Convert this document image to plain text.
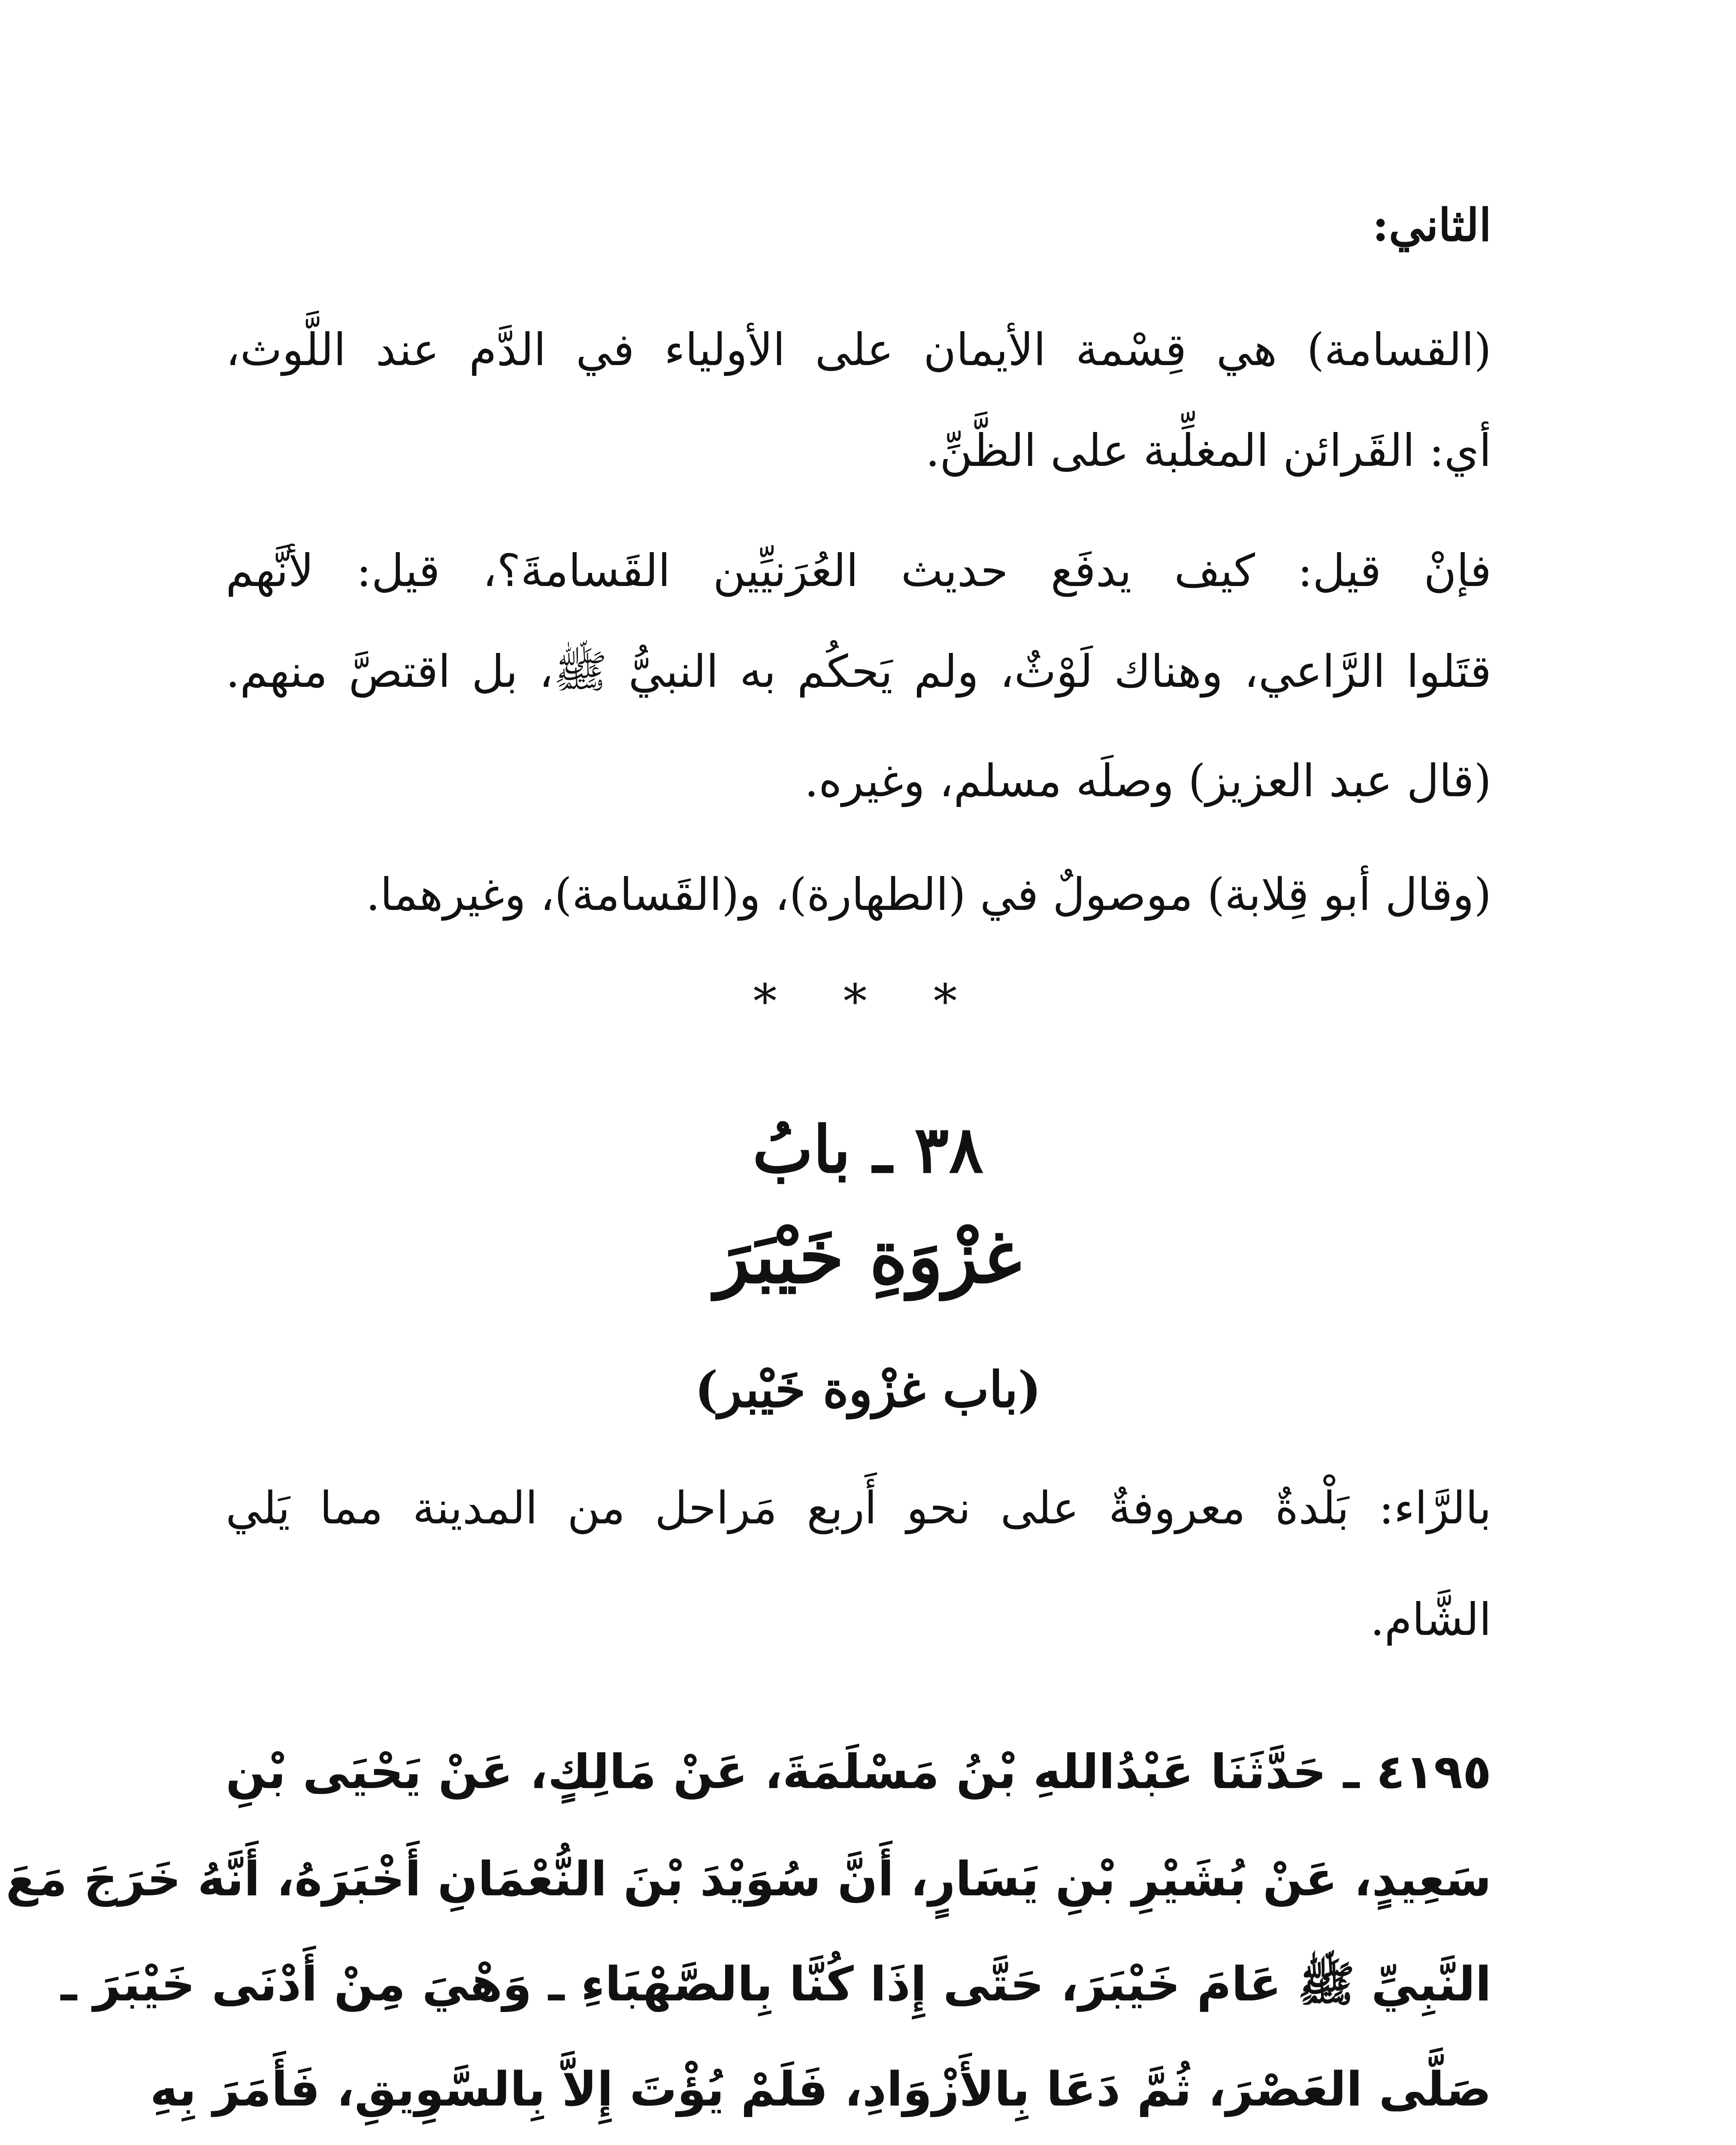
الثاني:
(القسامة) هي قِسْمة الأيمان على الأولياء في الدَّم عند اللَّوث،
أي: القَرائن المغلِّبة على الظَّنِّ.
فإنْ قيل: كيف يدفَع حديث العُرَنيِّين القَسامةَ؟، قيل: لأنَّهم
قتَلوا الرَّاعي، وهناك لَوْثٌ، ولم يَحكُم به النبيُّ ﷺ، بل اقتصَّ منهم.
(قال عبد العزيز) وصلَه مسلم، وغيره.
(وقال أبو قِلابة) موصولٌ في (الطهارة)، و(القَسامة)، وغيرهما.
* * *
٣٨ ـ بابُ
غزْوَةِ خَيْبَرَ
(باب غزْوة خَيْبر)
بالرَّاء: بَلْدةٌ معروفةٌ على نحو أَربع مَراحل من المدينة مما يَلي
الشَّام.
٤١٩٥ ـ حَدَّثَنَا عَبْدُاللهِ بْنُ مَسْلَمَةَ، عَنْ مَالِكٍ، عَنْ يَحْيَى بْنِ
سَعِيدٍ، عَنْ بُشَيْرِ بْنِ يَسَارٍ، أَنَّ سُوَيْدَ بْنَ النُّعْمَانِ أَخْبَرَهُ، أَنَّهُ خَرَجَ مَعَ
النَّبِيِّ ﷺ عَامَ خَيْبَرَ، حَتَّى إِذَا كُنَّا بِالصَّهْبَاءِ ـ وَهْيَ مِنْ أَدْنَى خَيْبَرَ ـ
صَلَّى العَصْرَ، ثُمَّ دَعَا بِالأَزْوَادِ، فَلَمْ يُؤْتَ إِلاَّ بِالسَّوِيقِ، فَأَمَرَ بِهِ
